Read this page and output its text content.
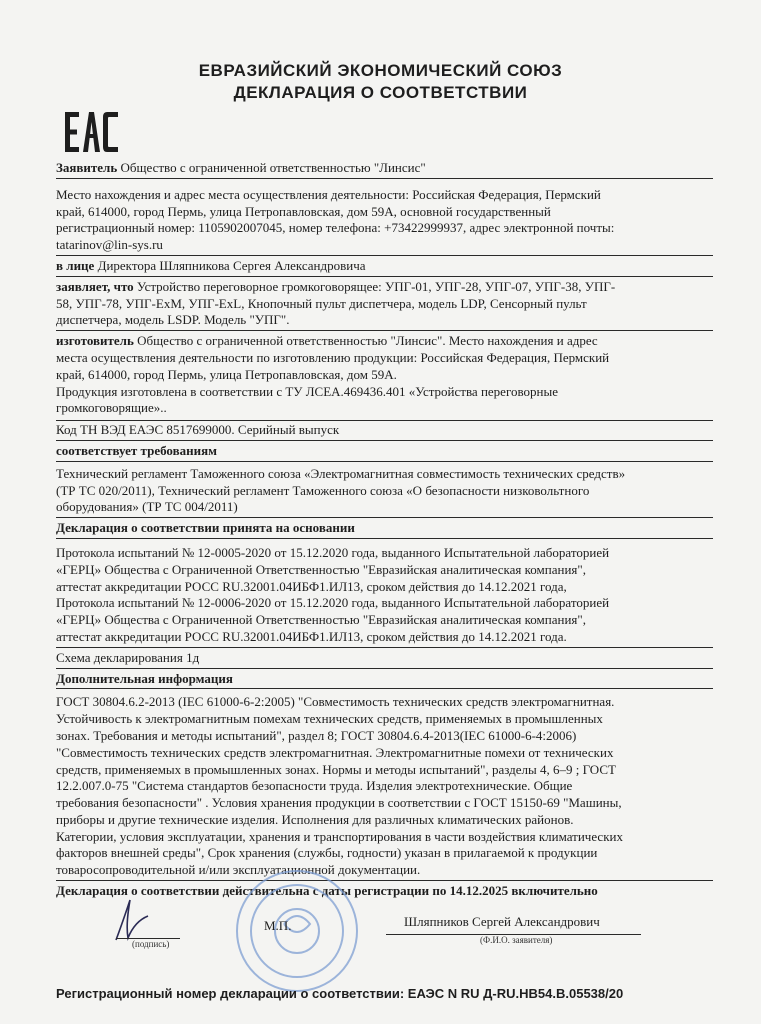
ЕВРАЗИЙСКИЙ ЭКОНОМИЧЕСКИЙ СОЮЗ
ДЕКЛАРАЦИЯ О СООТВЕТСТВИИ
Заявитель Общество с ограниченной ответственностью "Линсис"
Место нахождения и адрес места осуществления деятельности: Российская Федерация, Пермский
край, 614000, город Пермь, улица Петропавловская, дом 59А, основной государственный
регистрационный номер: 1105902007045, номер телефона: +73422999937, адрес электронной почты:
tatarinov@lin-sys.ru
в лице Директора Шляпникова Сергея Александровича
заявляет, что Устройство переговорное громкоговорящее: УПГ-01, УПГ-28, УПГ-07, УПГ-38, УПГ-
58, УПГ-78, УПГ-ExM, УПГ-ExL, Кнопочный пульт диспетчера, модель LDP, Сенсорный пульт
диспетчера, модель LSDP. Модель "УПГ".
изготовитель Общество с ограниченной ответственностью "Линсис". Место нахождения и адрес
места осуществления деятельности по изготовлению продукции: Российская Федерация, Пермский
край, 614000, город Пермь, улица Петропавловская, дом 59А.
Продукция изготовлена в соответствии с ТУ ЛСЕА.469436.401 «Устройства переговорные
громкоговорящие»..
Код ТН ВЭД ЕАЭС 8517699000. Серийный выпуск
соответствует требованиям
Технический регламент Таможенного союза «Электромагнитная совместимость технических средств»
(ТР ТС 020/2011), Технический регламент Таможенного союза «О безопасности низковольтного
оборудования» (ТР ТС 004/2011)
Декларация о соответствии принята на основании
Протокола испытаний № 12-0005-2020 от 15.12.2020 года, выданного Испытательной лабораторией
«ГЕРЦ» Общества с Ограниченной Ответственностью "Евразийская аналитическая компания",
аттестат аккредитации РОСС RU.32001.04ИБФ1.ИЛ13, сроком действия до 14.12.2021 года,
Протокола испытаний № 12-0006-2020 от 15.12.2020 года, выданного Испытательной лабораторией
«ГЕРЦ» Общества с Ограниченной Ответственностью "Евразийская аналитическая компания",
аттестат аккредитации РОСС RU.32001.04ИБФ1.ИЛ13, сроком действия до 14.12.2021 года.
Схема декларирования 1д
Дополнительная информация
ГОСТ 30804.6.2-2013 (IEC 61000-6-2:2005) "Совместимость технических средств электромагнитная.
Устойчивость к электромагнитным помехам технических средств, применяемых в промышленных
зонах. Требования и методы испытаний", раздел 8; ГОСТ 30804.6.4-2013(IEC 61000-6-4:2006)
"Совместимость технических средств электромагнитная. Электромагнитные помехи от технических
средств, применяемых в промышленных зонах. Нормы и методы испытаний", разделы 4, 6–9 ; ГОСТ
12.2.007.0-75 "Система стандартов безопасности труда. Изделия электротехнические. Общие
требования безопасности" . Условия хранения продукции в соответствии с ГОСТ 15150-69 "Машины,
приборы и другие технические изделия. Исполнения для различных климатических районов.
Категории, условия эксплуатации, хранения и транспортирования в части воздействия климатических
факторов внешней среды", Срок хранения (службы, годности) указан в прилагаемой к продукции
товаросопроводительной и/или эксплуатационной документации.
Декларация о соответствии действительна с даты регистрации по 14.12.2025 включительно
(подпись)
М.П.	Шляпников Сергей Александрович
(Ф.И.О. заявителя)
Регистрационный номер декларации о соответствии: ЕАЭС N RU Д-RU.НВ54.В.05538/20
